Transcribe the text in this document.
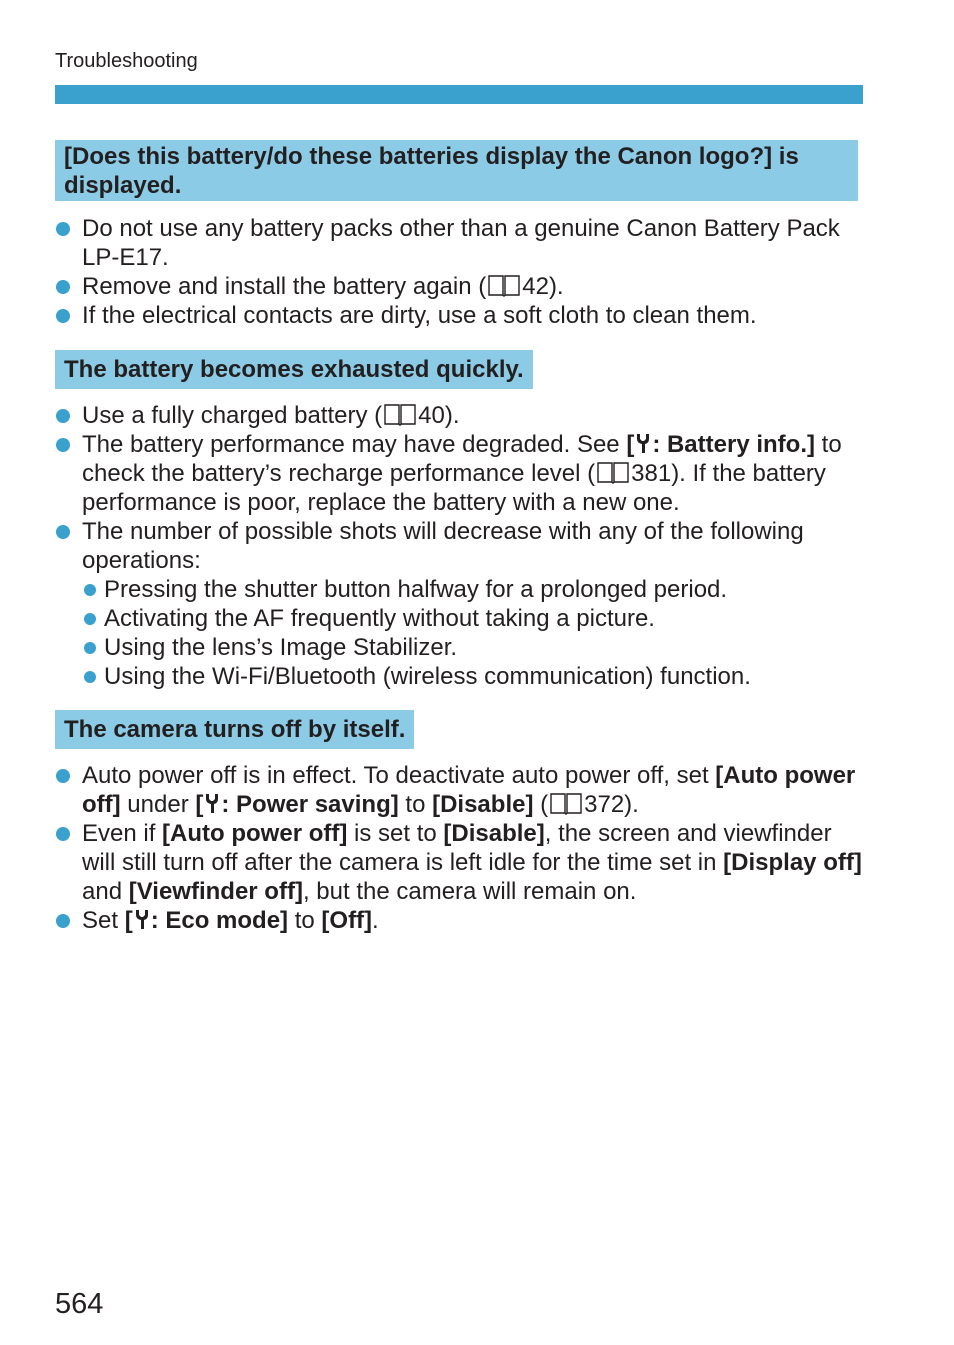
Troubleshooting
[Does this battery/do these batteries display the Canon logo?] is displayed.
Do not use any battery packs other than a genuine Canon Battery Pack LP-E17.
Remove and install the battery again ( 42).
If the electrical contacts are dirty, use a soft cloth to clean them.
The battery becomes exhausted quickly.
Use a fully charged battery ( 40).
The battery performance may have degraded. See [ : Battery info.] to check the battery’s recharge performance level ( 381). If the battery performance is poor, replace the battery with a new one.
The number of possible shots will decrease with any of the following operations:
Pressing the shutter button halfway for a prolonged period.
Activating the AF frequently without taking a picture.
Using the lens’s Image Stabilizer.
Using the Wi-Fi/Bluetooth (wireless communication) function.
The camera turns off by itself.
Auto power off is in effect. To deactivate auto power off, set [Auto power off] under [ : Power saving] to [Disable] ( 372).
Even if [Auto power off] is set to [Disable], the screen and viewfinder will still turn off after the camera is left idle for the time set in [Display off] and [Viewfinder off], but the camera will remain on.
Set [ : Eco mode] to [Off].
564
